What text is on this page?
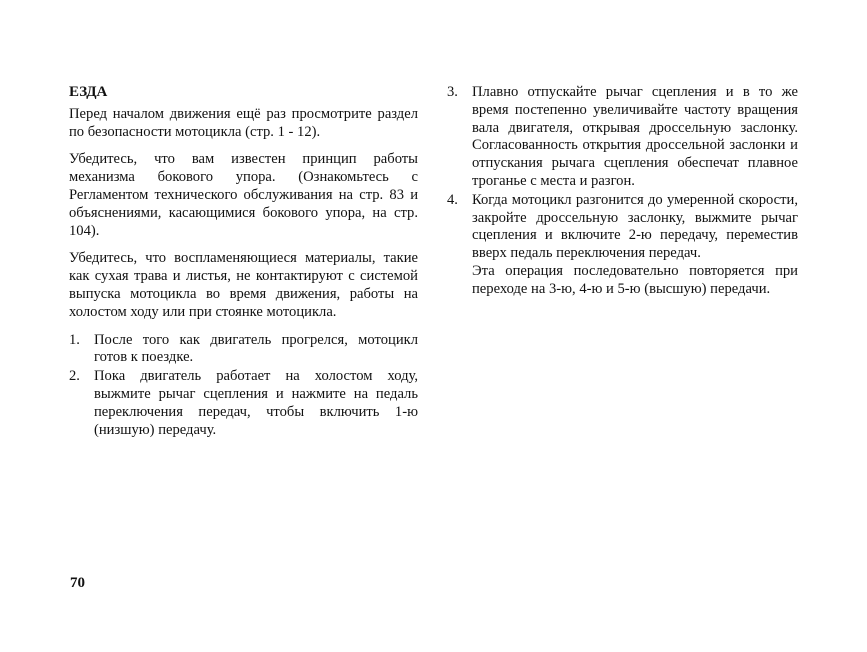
ЕЗДА

Перед началом движения ещё раз просмотрите раздел по безопасности мотоцикла (стр. 1 - 12).

Убедитесь, что вам известен принцип работы механизма бокового упора. (Ознакомьтесь с Регламентом технического обслуживания на стр. 83 и объяснениями, касающимися бокового упора, на стр. 104).

Убедитесь, что воспламеняющиеся материалы, такие как сухая трава и листья, не контактируют с системой выпуска мотоцикла во время движения, работы на холостом ходу или при стоянке мотоцикла.

1. После того как двигатель прогрелся, мотоцикл готов к поездке.
2. Пока двигатель работает на холостом ходу, выжмите рычаг сцепления и нажмите на педаль переключения передач, чтобы включить 1-ю (низшую) передачу.
3. Плавно отпускайте рычаг сцепления и в то же время постепенно увеличивайте частоту вращения вала двигателя, открывая дроссельную заслонку. Согласованность открытия дроссельной заслонки и отпускания рычага сцепления обеспечат плавное троганье с места и разгон.
4. Когда мотоцикл разгонится до умеренной скорости, закройте дроссельную заслонку, выжмите рычаг сцепления и включите 2-ю передачу, переместив вверх педаль переключения передач.
Эта операция последовательно повторяется при переходе на 3-ю, 4-ю и 5-ю (высшую) передачи.
70
